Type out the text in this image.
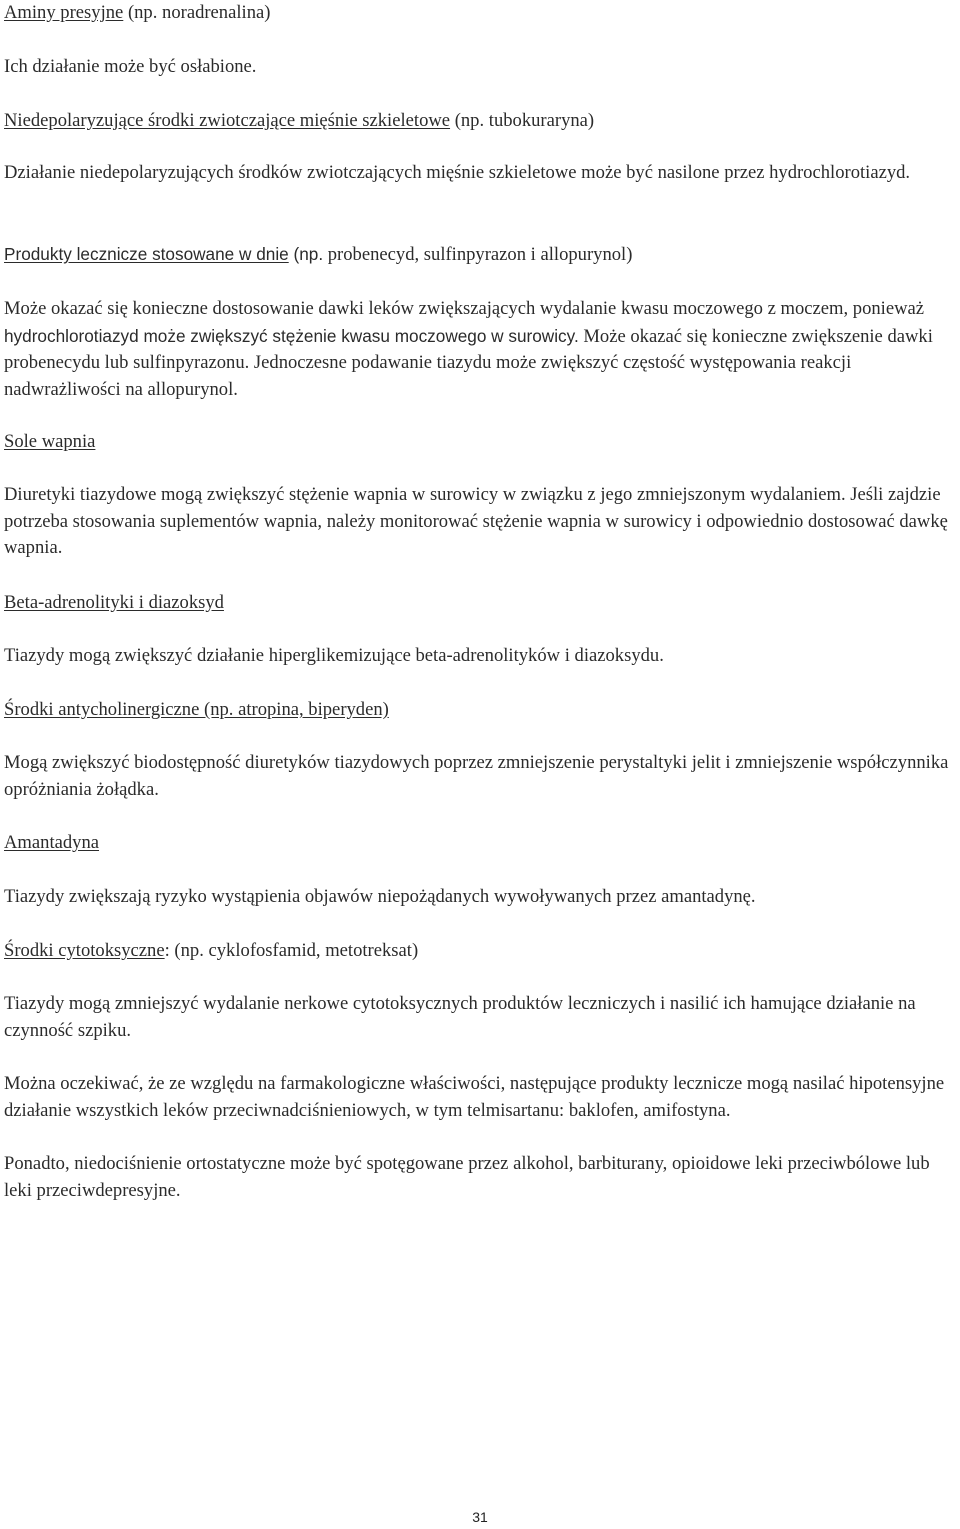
Aminy presyjne (np. noradrenalina)

Ich działanie może być osłabione.

Niedepolaryzujące środki zwiotczające mięśnie szkieletowe (np. tubokuraryna)

Działanie niedepolaryzujących środków zwiotczających mięśnie szkieletowe może być nasilone przez hydrochlorotiazyd.

Produkty lecznicze stosowane w dnie (np. probenecyd, sulfinpyrazon i allopurynol)

Może okazać się konieczne dostosowanie dawki leków zwiększających wydalanie kwasu moczowego z moczem, ponieważ hydrochlorotiazyd może zwiększyć stężenie kwasu moczowego w surowicy. Może okazać się konieczne zwiększenie dawki probenecydu lub sulfinpyrazonu. Jednoczesne podawanie tiazydu może zwiększyć częstość występowania reakcji nadwrażliwości na allopurynol.

Sole wapnia

Diuretyki tiazydowe mogą zwiększyć stężenie wapnia w surowicy w związku z jego zmniejszonym wydalaniem. Jeśli zajdzie potrzeba stosowania suplementów wapnia, należy monitorować stężenie wapnia w surowicy i odpowiednio dostosować dawkę wapnia.

Beta-adrenolityki i diazoksyd

Tiazydy mogą zwiększyć działanie hiperglikemizujące beta-adrenolityków i diazoksydu.

Środki antycholinergiczne (np. atropina, biperyden)

Mogą zwiększyć biodostępność diuretyków tiazydowych poprzez zmniejszenie perystaltyki jelit i zmniejszenie współczynnika opróżniania żołądka.

Amantadyna

Tiazydy zwiększają ryzyko wystąpienia objawów niepożądanych wywoływanych przez amantadynę.

Środki cytotoksyczne: (np. cyklofosfamid, metotreksat)

Tiazydy mogą zmniejszyć wydalanie nerkowe cytotoksycznych produktów leczniczych i nasilić ich hamujące działanie na czynność szpiku.

Można oczekiwać, że ze względu na farmakologiczne właściwości, następujące produkty lecznicze mogą nasilać hipotensyjne działanie wszystkich leków przeciwnadciśnieniowych, w tym telmisartanu: baklofen, amifostyna.

Ponadto, niedociśnienie ortostatyczne może być spotęgowane przez alkohol, barbiturany, opioidowe leki przeciwbólowe lub leki przeciwdepresyjne.

31
